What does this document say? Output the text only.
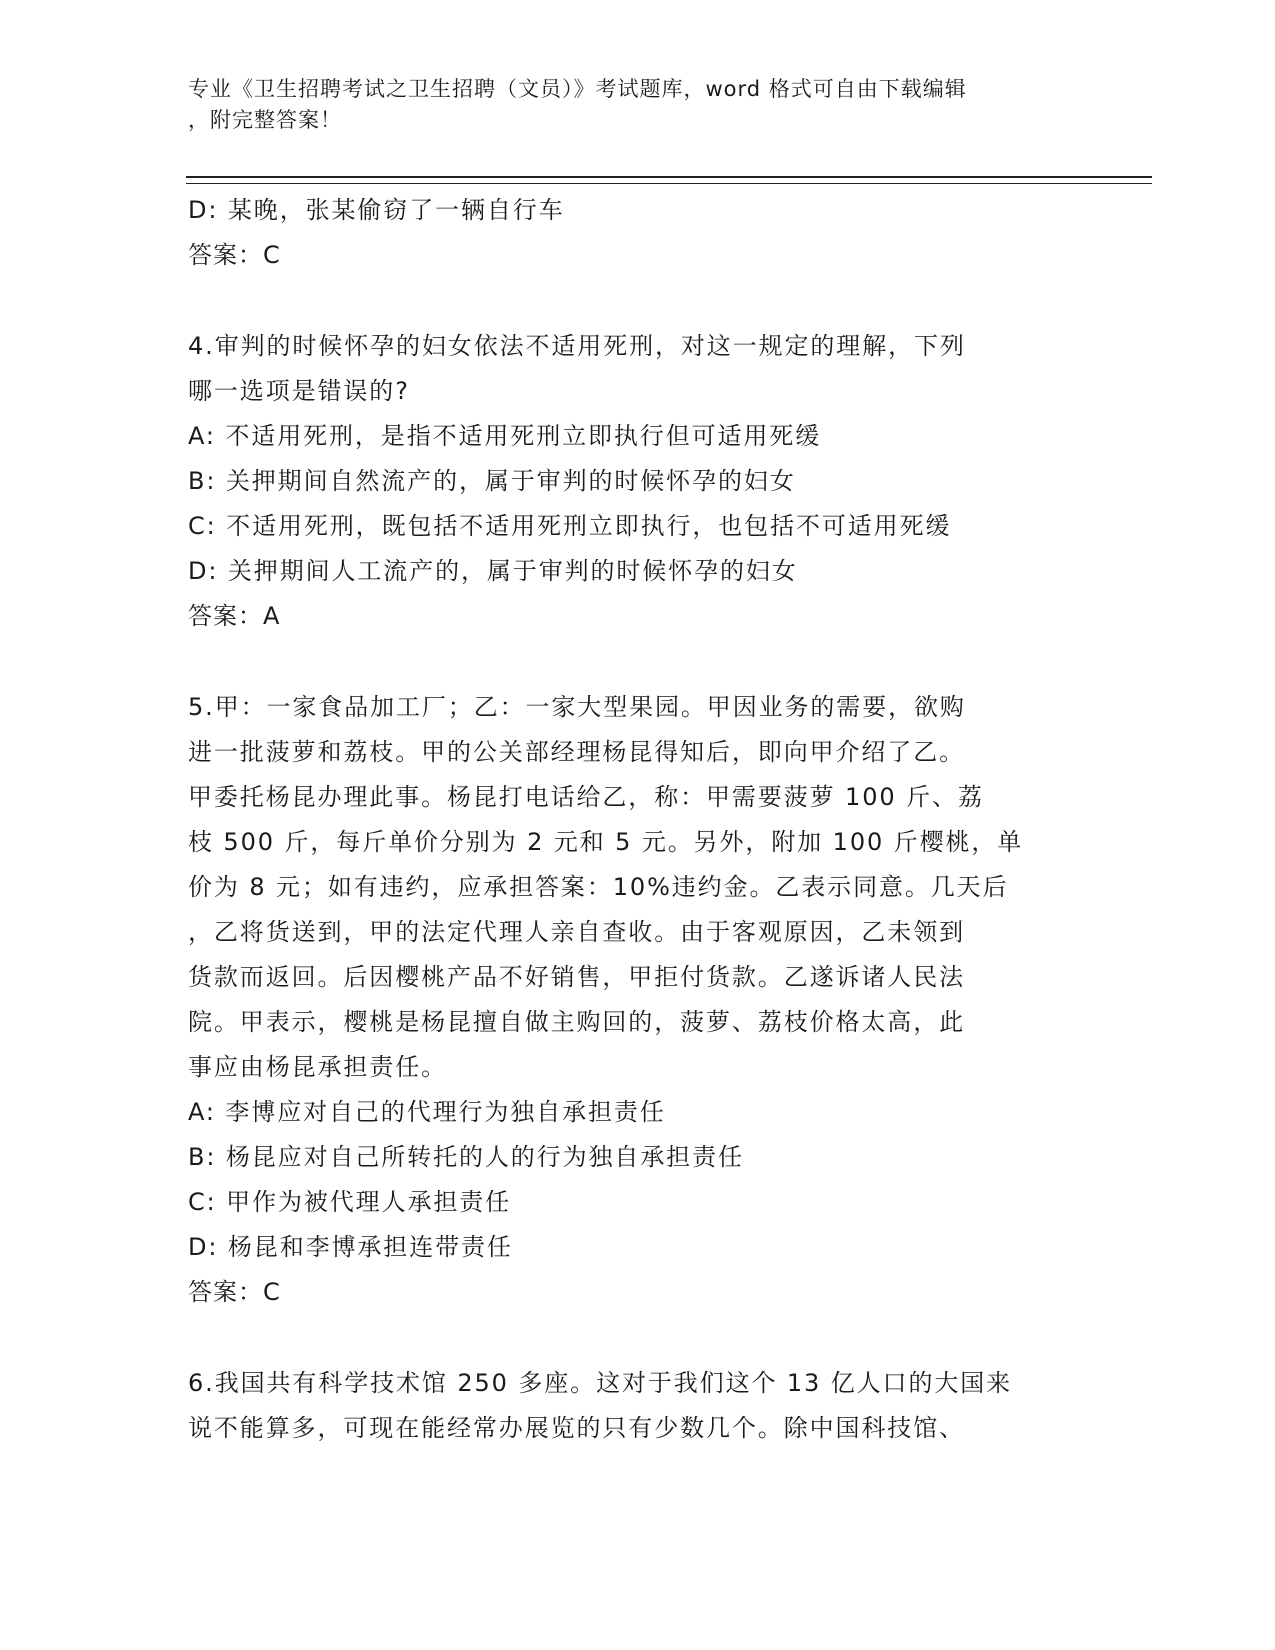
专业《卫生招聘考试之卫生招聘（文员）》考试题库，word 格式可自由下载编辑
，附完整答案！
D: 某晚，张某偷窃了一辆自行车
答案：C
4.审判的时候怀孕的妇女依法不适用死刑，对这一规定的理解，下列
哪一选项是错误的?
A: 不适用死刑，是指不适用死刑立即执行但可适用死缓
B: 关押期间自然流产的，属于审判的时候怀孕的妇女
C: 不适用死刑，既包括不适用死刑立即执行，也包括不可适用死缓
D: 关押期间人工流产的，属于审判的时候怀孕的妇女
答案：A
5.甲：一家食品加工厂；乙：一家大型果园。甲因业务的需要，欲购
进一批菠萝和荔枝。甲的公关部经理杨昆得知后，即向甲介绍了乙。
甲委托杨昆办理此事。杨昆打电话给乙，称：甲需要菠萝 100 斤、荔
枝 500 斤，每斤单价分别为 2 元和 5 元。另外，附加 100 斤樱桃，单
价为 8 元；如有违约，应承担答案：10%违约金。乙表示同意。几天后
，乙将货送到，甲的法定代理人亲自查收。由于客观原因，乙未领到
货款而返回。后因樱桃产品不好销售，甲拒付货款。乙遂诉诸人民法
院。甲表示，樱桃是杨昆擅自做主购回的，菠萝、荔枝价格太高，此
事应由杨昆承担责任。
A: 李博应对自己的代理行为独自承担责任
B: 杨昆应对自己所转托的人的行为独自承担责任
C: 甲作为被代理人承担责任
D: 杨昆和李博承担连带责任
答案：C
6.我国共有科学技术馆 250 多座。这对于我们这个 13 亿人口的大国来
说不能算多，可现在能经常办展览的只有少数几个。除中国科技馆、
